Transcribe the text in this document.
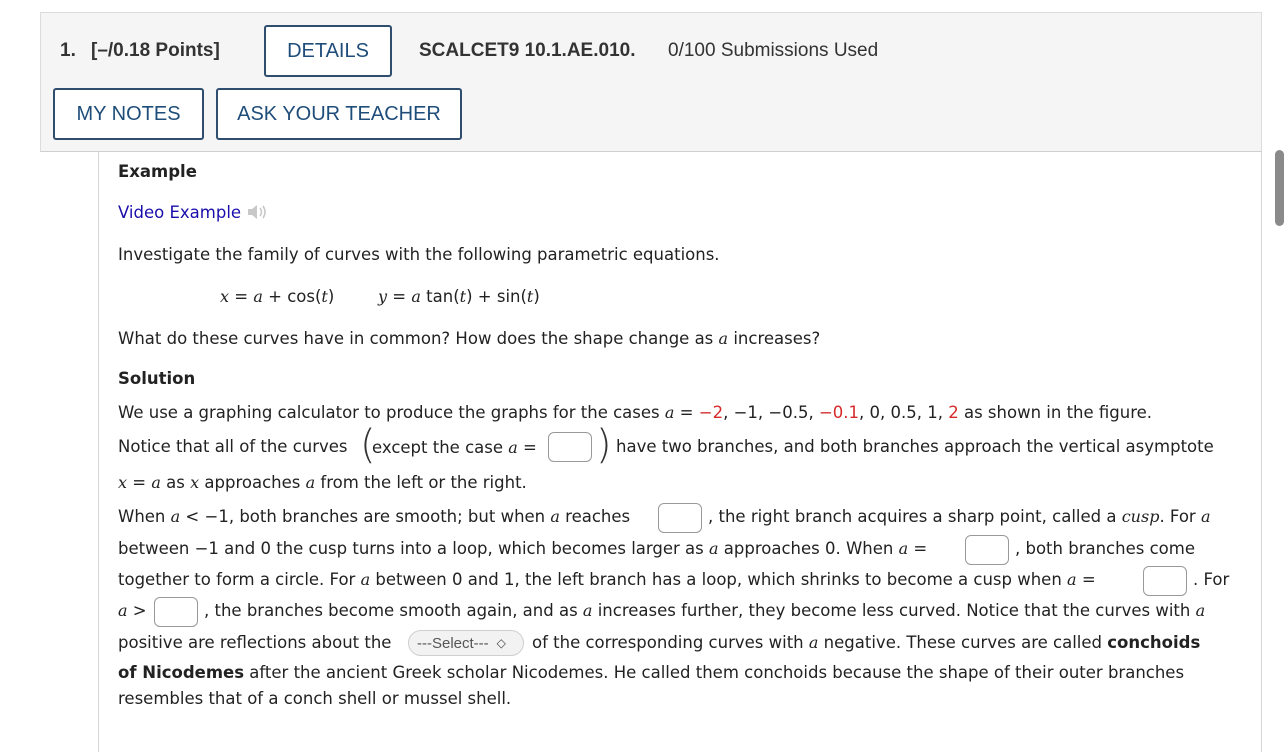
1. [–/0.18 Points]	DETAILS	SCALCET9 10.1.AE.010. 0/100 Submissions Used
MY NOTES	ASK YOUR TEACHER
Example
Video Example
Investigate the family of curves with the following parametric equations.
x = a + cos(t)	y = a tan(t) + sin(t)
What do these curves have in common? How does the shape change as a increases?
Solution
We use a graphing calculator to produce the graphs for the cases a = −2, −1, −0.5, −0.1, 0, 0.5, 1, 2 as shown in the figure.
Notice that all of the curves (
except the case a = ) have two branches, and both branches approach the vertical asymptote
x = a as x approaches a from the left or the right.
When a < −1, both branches are smooth; but when a reaches	, the right branch acquires a sharp point, called a cusp. For a
between −1 and 0 the cusp turns into a loop, which becomes larger as a approaches 0. When a =	, both branches come
together to form a circle. For a between 0 and 1, the left branch has a loop, which shrinks to become a cusp when a =	. For
a >	, the branches become smooth again, and as a increases further, they become less curved. Notice that the curves with a
positive are reflections about the ---Select--- ◇ of the corresponding curves with a negative. These curves are called conchoids
of Nicodemes after the ancient Greek scholar Nicodemes. He called them conchoids because the shape of their outer branches
resembles that of a conch shell or mussel shell.
